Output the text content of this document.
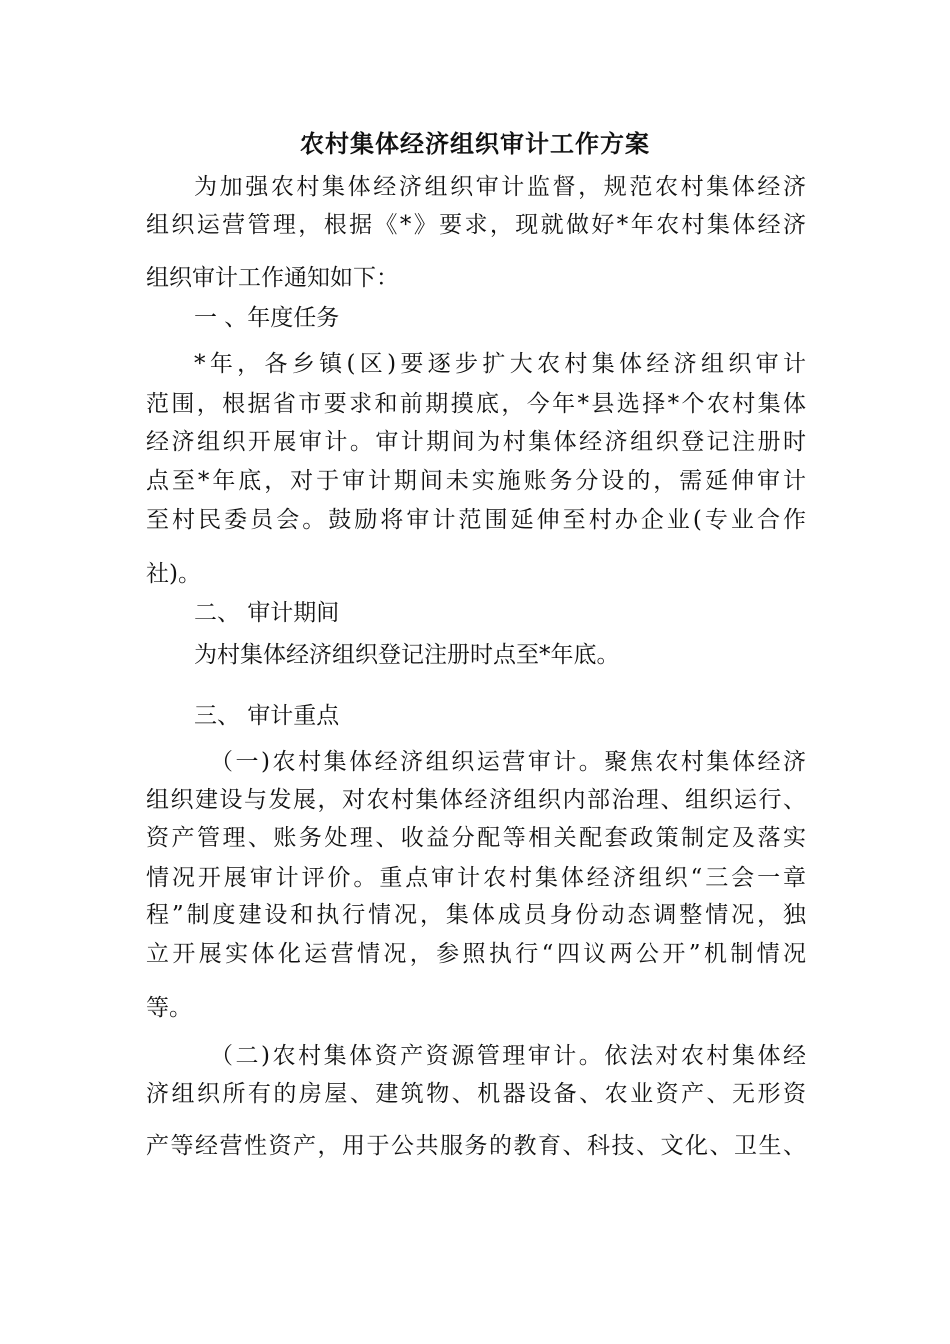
农村集体经济组织审计工作方案
为加强农村集体经济组织审计监督，规范农村集体经济
组织运营管理，根据《*》要求，现就做好*年农村集体经济
组织审计工作通知如下：
一 、年度任务
*年，各乡镇(区)要逐步扩大农村集体经济组织审计
范围，根据省市要求和前期摸底，今年*县选择*个农村集体
经济组织开展审计。审计期间为村集体经济组织登记注册时
点至*年底，对于审计期间未实施账务分设的，需延伸审计
至村民委员会。鼓励将审计范围延伸至村办企业(专业合作
社)。
二、 审计期间
为村集体经济组织登记注册时点至*年底。
三、 审计重点
（一)农村集体经济组织运营审计。聚焦农村集体经济
组织建设与发展，对农村集体经济组织内部治理、组织运行、
资产管理、账务处理、收益分配等相关配套政策制定及落实
情况开展审计评价。重点审计农村集体经济组织“三会一章
程”制度建设和执行情况，集体成员身份动态调整情况，独
立开展实体化运营情况，参照执行“四议两公开”机制情况
等。
（二)农村集体资产资源管理审计。依法对农村集体经
济组织所有的房屋、建筑物、机器设备、农业资产、无形资
产等经营性资产，用于公共服务的教育、科技、文化、卫生、
